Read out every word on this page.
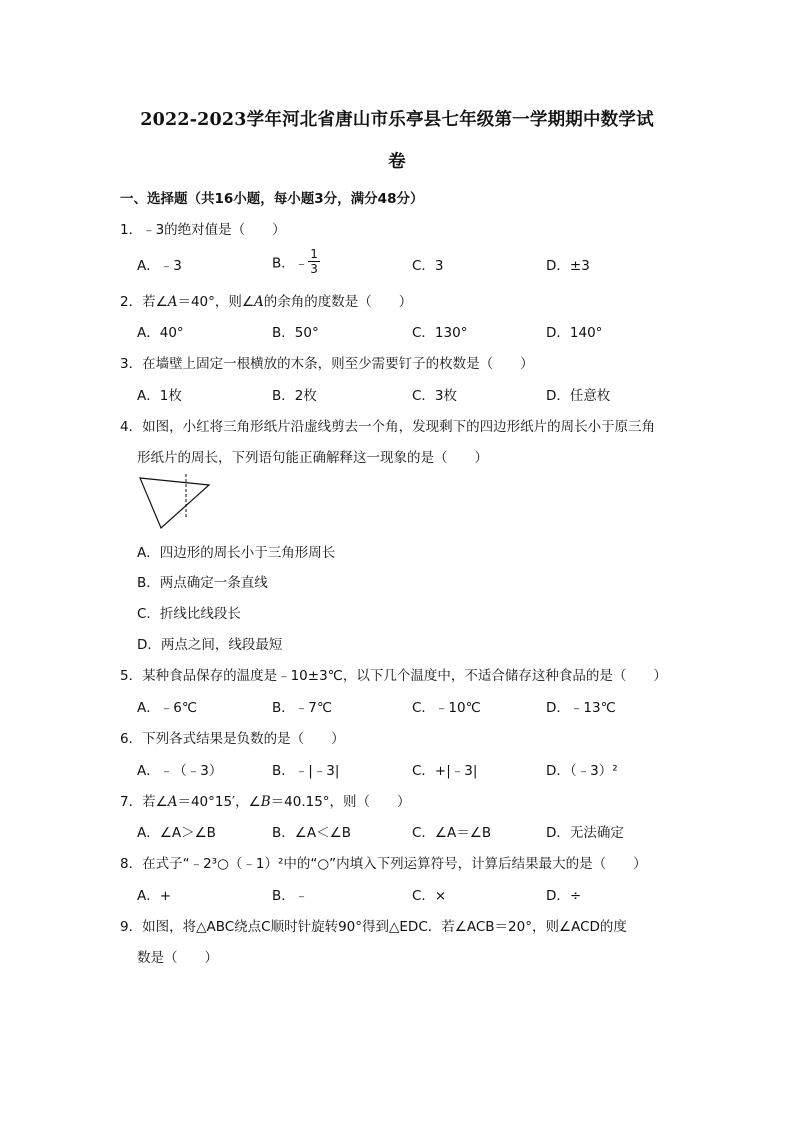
2022-2023学年河北省唐山市乐亭县七年级第一学期期中数学试
卷
一、选择题（共16小题，每小题3分，满分48分）
1．﹣3的绝对值是（　　）
A．﹣3	B．﹣ $\frac{1}{3}$	C．3	D．±3
2．若∠A＝40°，则∠A的余角的度数是（　　）
A．40°	B．50°	C．130°	D．140°
3．在墙壁上固定一根横放的木条，则至少需要钉子的枚数是（　　）
A．1枚	B．2枚	C．3枚	D．任意枚
4．如图，小红将三角形纸片沿虚线剪去一个角，发现剩下的四边形纸片的周长小于原三角
形纸片的周长，下列语句能正确解释这一现象的是（　　）
A．四边形的周长小于三角形周长
B．两点确定一条直线
C．折线比线段长
D．两点之间，线段最短
5．某种食品保存的温度是﹣10±3℃，以下几个温度中，不适合储存这种食品的是（　　）
A．﹣6℃	B．﹣7℃	C．﹣10℃	D．﹣13℃
6．下列各式结果是负数的是（　　）
A．﹣（﹣3）	B．﹣|﹣3|	C．+|﹣3|	D．（﹣3）²
7．若∠A＝40°15′，∠B＝40.15°，则（　　）
A．∠A＞∠B	B．∠A＜∠B	C．∠A＝∠B	D．无法确定
8．在式子“﹣2³○（﹣1）²中的“○”内填入下列运算符号，计算后结果最大的是（　　）
A．+	B．﹣	C．×	D．÷
9．如图，将△ABC绕点C顺时针旋转90°得到△EDC．若∠ACB＝20°，则∠ACD的度
数是（　　）
